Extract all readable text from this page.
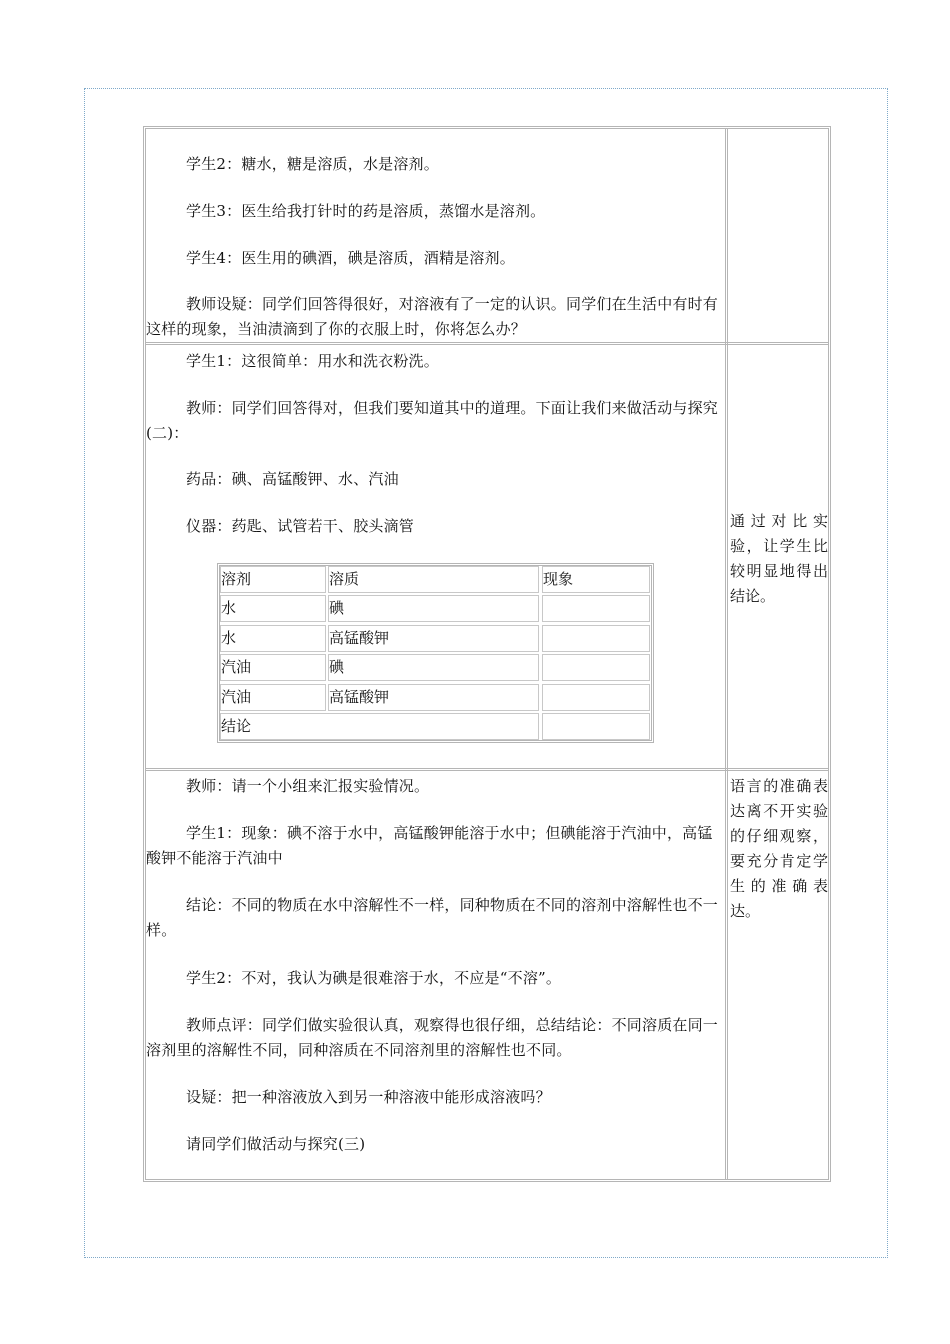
学生2：糖水，糖是溶质，水是溶剂。

学生3：医生给我打针时的药是溶质，蒸馏水是溶剂。

学生4：医生用的碘酒，碘是溶质，酒精是溶剂。

教师设疑：同学们回答得很好，对溶液有了一定的认识。同学们在生活中有时有这样的现象，当油渍滴到了你的衣服上时，你将怎么办？

学生1：这很简单：用水和洗衣粉洗。

教师：同学们回答得对，但我们要知道其中的道理。下面让我们来做活动与探究(二)：

药品：碘、高锰酸钾、水、汽油

仪器：药匙、试管若干、胶头滴管	通过对比实验，让学生比较明显地得出结论。

溶剂	溶质	现象
水	碘
水	高锰酸钾
汽油	碘
汽油	高锰酸钾
结论

教师：请一个小组来汇报实验情况。

学生1：现象：碘不溶于水中，高锰酸钾能溶于水中；但碘能溶于汽油中，高锰酸钾不能溶于汽油中

结论：不同的物质在水中溶解性不一样，同种物质在不同的溶剂中溶解性也不一样。

学生2：不对，我认为碘是很难溶于水，不应是“不溶”。

教师点评：同学们做实验很认真，观察得也很仔细，总结结论：不同溶质在同一溶剂里的溶解性不同，同种溶质在不同溶剂里的溶解性也不同。

设疑：把一种溶液放入到另一种溶液中能形成溶液吗？

请同学们做活动与探究(三)

语言的准确表达离不开实验的仔细观察，要充分肯定学生的准确表达。
